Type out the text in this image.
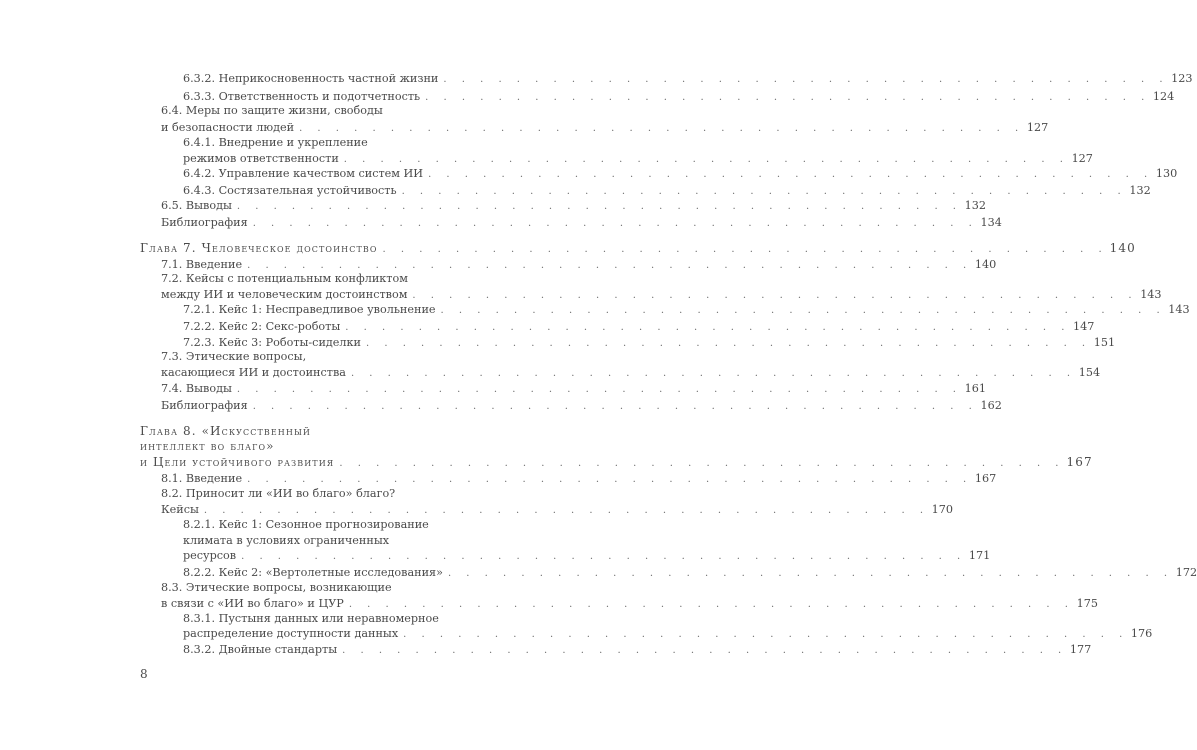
6.3.2. Неприкосновенность частной жизни . . . . . . . . . . . . . . . . . . . . . . . . . . . . . . . . . . . . . . . . 123
6.3.3. Ответственность и подотчетность . . . . . . . . . . . . . . . . . . . . . . . . . . . . . . . . . . . . . . . . 124
6.4. Меры по защите жизни, свободы
и безопасности людей . . . . . . . . . . . . . . . . . . . . . . . . . . . . . . . . . . . . . . . . 127
6.4.1. Внедрение и укрепление
режимов ответственности . . . . . . . . . . . . . . . . . . . . . . . . . . . . . . . . . . . . . . . . 127
6.4.2. Управление качеством систем ИИ . . . . . . . . . . . . . . . . . . . . . . . . . . . . . . . . . . . . . . . . 130
6.4.3. Состязательная устойчивость . . . . . . . . . . . . . . . . . . . . . . . . . . . . . . . . . . . . . . . . 132
6.5. Выводы . . . . . . . . . . . . . . . . . . . . . . . . . . . . . . . . . . . . . . . . 132
Библиография . . . . . . . . . . . . . . . . . . . . . . . . . . . . . . . . . . . . . . . . 134
Глава 7. Человеческое достоинство . . . . . . . . . . . . . . . . . . . . . . . . . . . . . . . . . . . . . . . . 140
7.1. Введение . . . . . . . . . . . . . . . . . . . . . . . . . . . . . . . . . . . . . . . . 140
7.2. Кейсы с потенциальным конфликтом
между ИИ и человеческим достоинством . . . . . . . . . . . . . . . . . . . . . . . . . . . . . . . . . . . . . . . . 143
7.2.1. Кейс 1: Несправедливое увольнение . . . . . . . . . . . . . . . . . . . . . . . . . . . . . . . . . . . . . . . . 143
7.2.2. Кейс 2: Секс-роботы . . . . . . . . . . . . . . . . . . . . . . . . . . . . . . . . . . . . . . . . 147
7.2.3. Кейс 3: Роботы-сиделки . . . . . . . . . . . . . . . . . . . . . . . . . . . . . . . . . . . . . . . . 151
7.3. Этические вопросы,
касающиеся ИИ и достоинства . . . . . . . . . . . . . . . . . . . . . . . . . . . . . . . . . . . . . . . . 154
7.4. Выводы . . . . . . . . . . . . . . . . . . . . . . . . . . . . . . . . . . . . . . . . 161
Библиография . . . . . . . . . . . . . . . . . . . . . . . . . . . . . . . . . . . . . . . . 162
Глава 8. «Искусственный
интеллект во благо»
и Цели устойчивого развития . . . . . . . . . . . . . . . . . . . . . . . . . . . . . . . . . . . . . . . . 167
8.1. Введение . . . . . . . . . . . . . . . . . . . . . . . . . . . . . . . . . . . . . . . . 167
8.2. Приносит ли «ИИ во благо» благо?
Кейсы . . . . . . . . . . . . . . . . . . . . . . . . . . . . . . . . . . . . . . . . 170
8.2.1. Кейс 1: Сезонное прогнозирование
климата в условиях ограниченных
ресурсов . . . . . . . . . . . . . . . . . . . . . . . . . . . . . . . . . . . . . . . . 171
8.2.2. Кейс 2: «Вертолетные исследования» . . . . . . . . . . . . . . . . . . . . . . . . . . . . . . . . . . . . . . . . 172
8.3. Этические вопросы, возникающие
в связи с «ИИ во благо» и ЦУР . . . . . . . . . . . . . . . . . . . . . . . . . . . . . . . . . . . . . . . . 175
8.3.1. Пустыня данных или неравномерное
распределение доступности данных . . . . . . . . . . . . . . . . . . . . . . . . . . . . . . . . . . . . . . . . 176
8.3.2. Двойные стандарты . . . . . . . . . . . . . . . . . . . . . . . . . . . . . . . . . . . . . . . . 177
8
